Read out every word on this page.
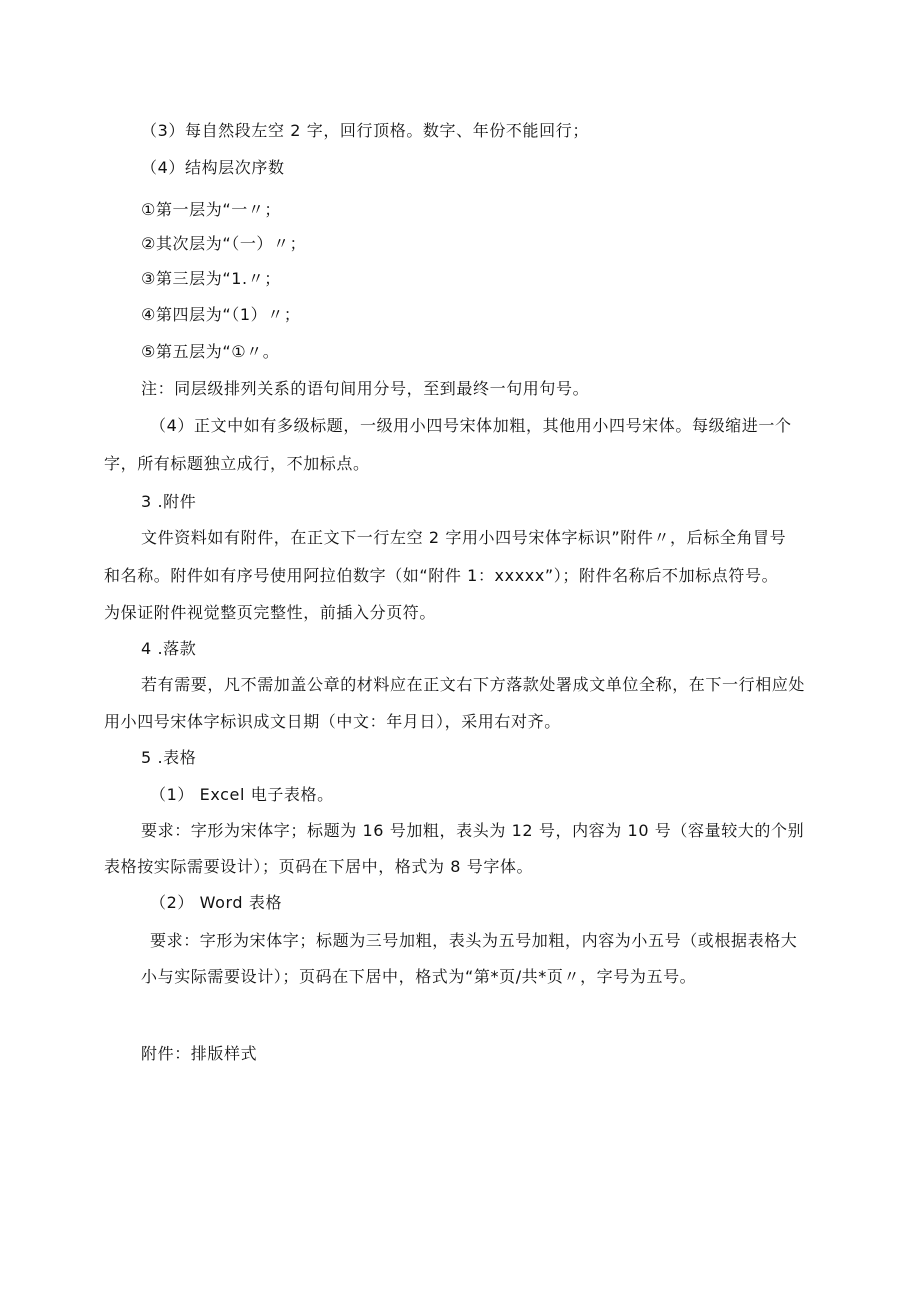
（3）每自然段左空 2 字，回行顶格。数字、年份不能回行；
（4）结构层次序数
①第一层为“一〃；
②其次层为“（一）〃；
③第三层为“1.〃；
④第四层为“（1）〃；
⑤第五层为“①〃。
注：同层级排列关系的语句间用分号，至到最终一句用句号。
（4）正文中如有多级标题，一级用小四号宋体加粗，其他用小四号宋体。每级缩进一个
字，所有标题独立成行，不加标点。
3 .附件
文件资料如有附件，在正文下一行左空 2 字用小四号宋体字标识”附件〃，后标全角冒号
和名称。附件如有序号使用阿拉伯数字（如“附件 1：xxxxx”）；附件名称后不加标点符号。
为保证附件视觉整页完整性，前插入分页符。
4 .落款
若有需要，凡不需加盖公章的材料应在正文右下方落款处署成文单位全称，在下一行相应处
用小四号宋体字标识成文日期（中文：年月日），采用右对齐。
5 .表格
（1） Excel 电子表格。
要求：字形为宋体字；标题为 16 号加粗，表头为 12 号，内容为 10 号（容量较大的个别
表格按实际需要设计）；页码在下居中，格式为 8 号字体。
（2） Word 表格
要求：字形为宋体字；标题为三号加粗，表头为五号加粗，内容为小五号（或根据表格大
小与实际需要设计）；页码在下居中，格式为“第*页/共*页〃，字号为五号。
附件：排版样式
